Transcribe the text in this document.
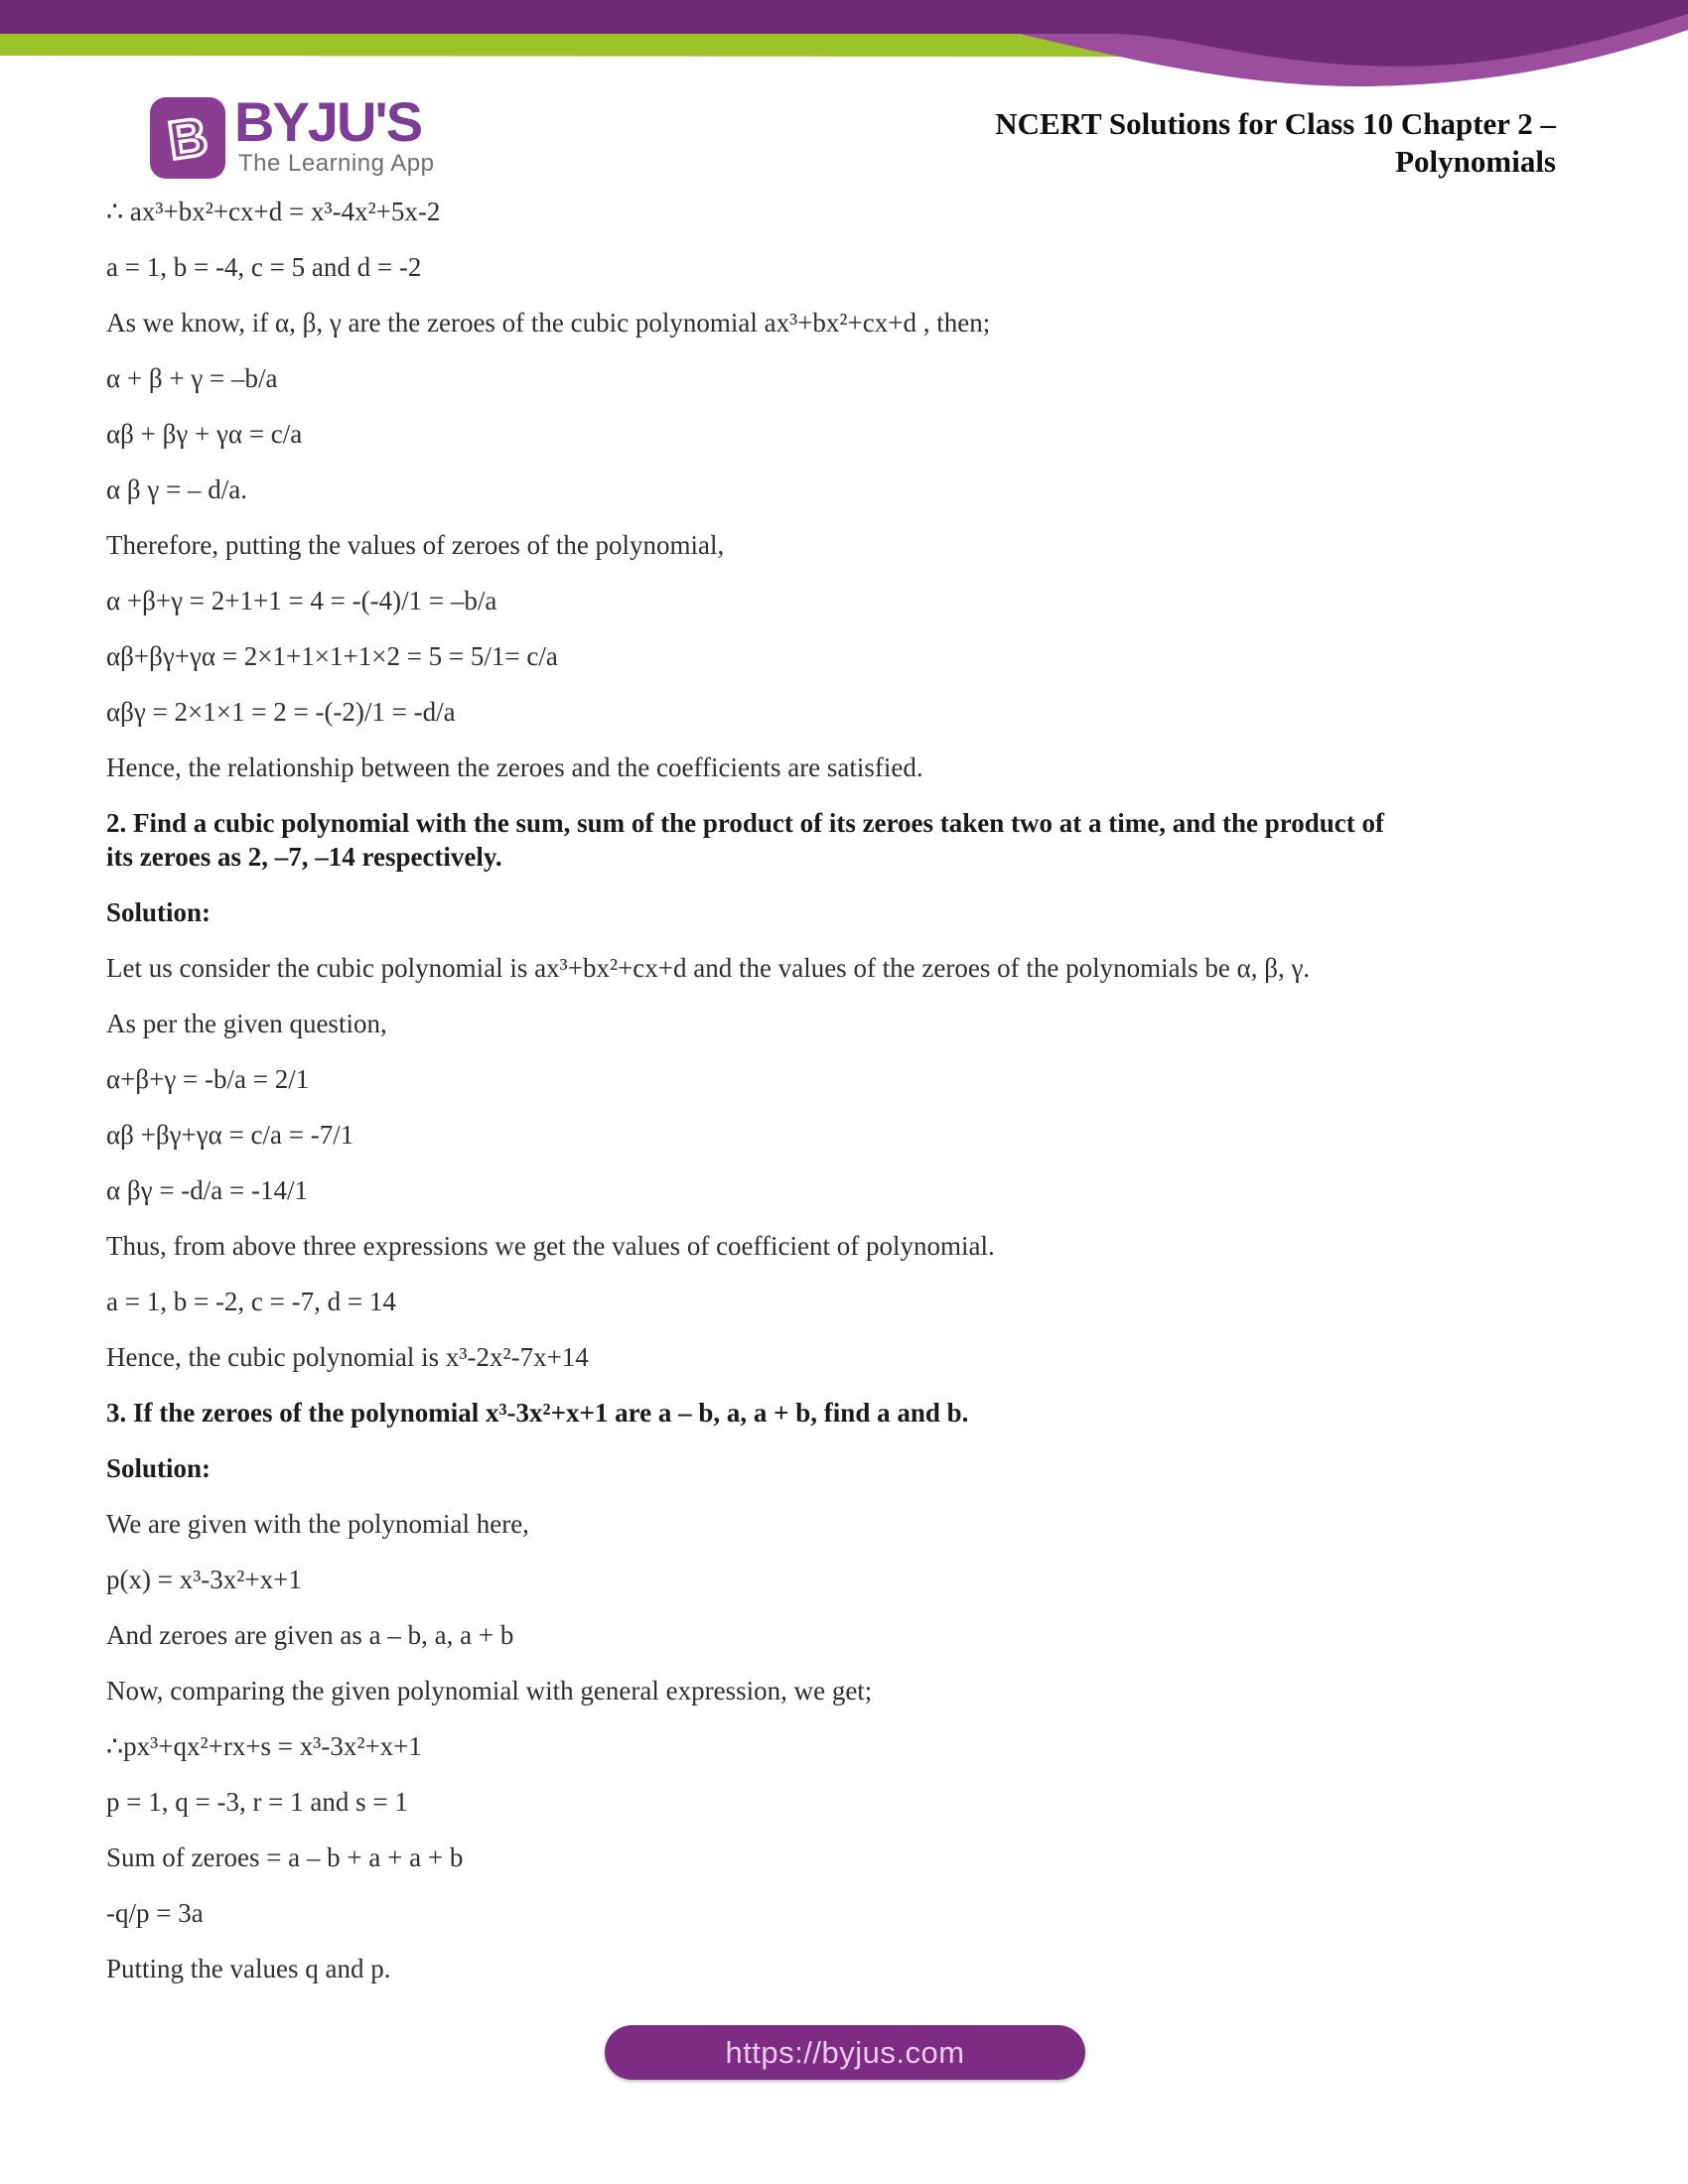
B BYJU'S
The Learning App
NCERT Solutions for Class 10 Chapter 2 –
Polynomials

∴ ax³+bx²+cx+d = x³-4x²+5x-2

a = 1, b = -4, c = 5 and d = -2

As we know, if α, β, γ are the zeroes of the cubic polynomial ax³+bx²+cx+d , then;

α + β + γ = –b/a

αβ + βγ + γα = c/a

α β γ = – d/a.

Therefore, putting the values of zeroes of the polynomial,

α +β+γ = 2+1+1 = 4 = -(-4)/1 = –b/a

αβ+βγ+γα = 2×1+1×1+1×2 = 5 = 5/1= c/a

αβγ = 2×1×1 = 2 = -(-2)/1 = -d/a

Hence, the relationship between the zeroes and the coefficients are satisfied.

2. Find a cubic polynomial with the sum, sum of the product of its zeroes taken two at a time, and the product of

its zeroes as 2, –7, –14 respectively.

Solution:

Let us consider the cubic polynomial is ax³+bx²+cx+d and the values of the zeroes of the polynomials be α, β, γ.

As per the given question,

α+β+γ = -b/a = 2/1

αβ +βγ+γα = c/a = -7/1

α βγ = -d/a = -14/1

Thus, from above three expressions we get the values of coefficient of polynomial.

a = 1, b = -2, c = -7, d = 14

Hence, the cubic polynomial is x³-2x²-7x+14

3. If the zeroes of the polynomial x³-3x²+x+1 are a – b, a, a + b, find a and b.

Solution:

We are given with the polynomial here,

p(x) = x³-3x²+x+1

And zeroes are given as a – b, a, a + b

Now, comparing the given polynomial with general expression, we get;

∴px³+qx²+rx+s = x³-3x²+x+1

p = 1, q = -3, r = 1 and s = 1

Sum of zeroes = a – b + a + a + b

-q/p = 3a

Putting the values q and p.

https://byjus.com
